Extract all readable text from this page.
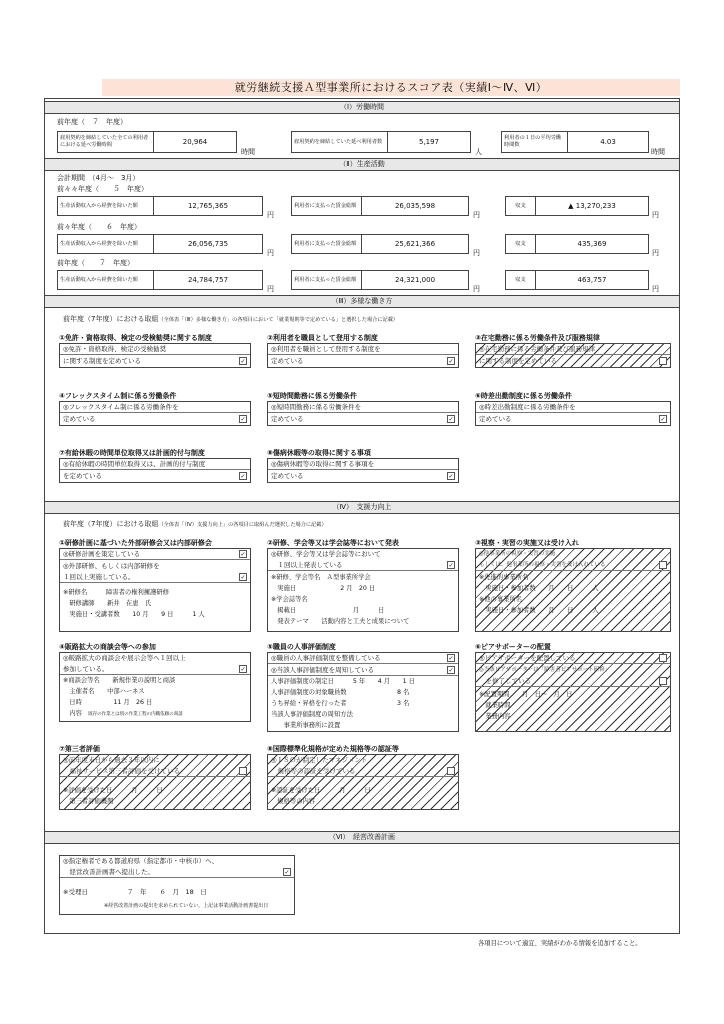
就労継続支援Ａ型事業所におけるスコア表（実績Ⅰ～Ⅳ、Ⅵ）
（Ⅰ）労働時間
前年度（　７　年度）
雇用契約を締結していた全ての利用者における延べ労働時間	20,964
時間
雇用契約を締結していた延べ利用者数	5,197
人
利用者の１日の平均労働時間数	4.03
時間
（Ⅱ）生産活動
会計期間　（4月～　3月）
前々々年度（　　５　年度）
生産活動収入から経費を除いた額	12,765,365
円
利用者に支払った賃金総額	26,035,598
円
収支	▲ 13,270,233
円
前々年度（　　６　年度）
生産活動収入から経費を除いた額	26,056,735
円
利用者に支払った賃金総額	25,621,366
円
収支	435,369
円
前年度（　　７　年度）
生産活動収入から経費を除いた額	24,784,757
円
利用者に支払った賃金総額	24,321,000
円
収支	463,757
円
（Ⅲ）多様な働き方
前年度（7年度）における取組（全体表「（Ⅲ）多様な働き方」の各項目において「就業規則等で定めている」と選択した場合に記載）
①免許・資格取得、検定の受検勧奨に関する制度
◎免許・資格取得、検定の受検勧奨
に関する制度を定めている	✓
②利用者を職員として登用する制度
◎利用者を職員として登用する制度を
定めている	✓
③在宅勤務に係る労働条件及び服務規律
◎在宅勤務に係る労働条件及び服務規律
に関する制度を定めている
④フレックスタイム制に係る労働条件
◎フレックスタイム制に係る労働条件を
定めている	✓
⑤短時間勤務に係る労働条件
◎短時間勤務に係る労働条件を
定めている	✓
⑥時差出勤制度に係る労働条件
◎時差出勤制度に係る労働条件を
定めている	✓
⑦有給休暇の時間単位取得又は計画的付与制度
◎有給休暇の時間単位取得又は、計画的付与制度
を定めている	✓
⑧傷病休暇等の取得に関する事項
◎傷病休暇等の取得に関する事項を
定めている	✓
（Ⅳ）　支援力向上
前年度（7年度）における取組（全体表「（Ⅳ）支援力向上」の各項目に取組んだ選択した場合に記載）
①研修計画に基づいた外部研修会又は内部研修会
◎研修計画を策定している	✓
◎外部研修、もしくは内部研修を
１回以上実施している。	✓
※研修名　　　障害者の権利擁護研修
　研修講師　　新井　在恵　氏
　実施日・受講者数　　10 月　　9 日　　　1 人
②研修、学会等又は学会誌等において発表
◎研修、学会等又は学会誌等において
　１回以上発表している	✓
※研修、学会等名　Ａ型事業所学会
　実施日　　　　　　　2 月　20 日
※学会誌等名
　掲載日　　　　　　　　　月　　　日
　発表テーマ　　活動内容と工夫と成果について
③視察・実習の実施又は受け入れ
◎他事業所の視察・実習の実施
もしくは、他事業所の視察・実習を受け入れている
※先進的事業所名
　実施日・参加者数　　月　　日　　　人
※他の事業所名
　実施日・参加者数　　月　　日　　　人
④販路拡大の商談会等への参加
◎販路拡大の商談会や展示会等へ１回以上
参加している。	✓
※商談会等名　　新規作業の説明と商談
　主催者名　　中部ハーネス
　日時　　　　　11 月　26 日
　内容　 既存の作業とは別の作業工程の内職依頼の商談
⑤職員の人事評価制度
◎職員の人事評価制度を整備している	✓
◎当該人事評価制度を周知している	✓
人事評価制度の制定日　　　5 年　　4 月　　1 日
人事評価制度の対象職員数　　　　　　　　8 名
うち昇給・昇格を行った者　　　　　　　　3 名
当該人事評価制度の周知方法
　　事業所事務所に設置
⑥ピアサポーターの配置
◎ピアサポーターを配置している
◎当該ピアサポーターは「障害者ピアサポート研修」
　を修了している
※配置期間　　月　日～　月　日
　就業時間
　業務内容
⑦第三者評価
◎前年度末日から過去３年以内に
　福祉サービス第三者評価を受けている
※評価を受けた日　　　月　　　日
　第三者評価機関
⑧国際標準化規格が定めた規格等の認証等
◎ＩＳＯが制定したマネジメント
　規格等の認証を受けている
※認証を受けた日　　　月　　　日
　規格等の内容
（Ⅵ）　経営改善計画
◎指定権者である都道府県（指定都市・中核市）へ、
　経営改善計画書へ提出した。	✓
※受理日　　　　　　７　年　　６　月　18　日
※経営改善計画の提出を求められていない、上記は事業活動計画書提出日
各項目について適宜、実績がわかる情報を追加すること。
